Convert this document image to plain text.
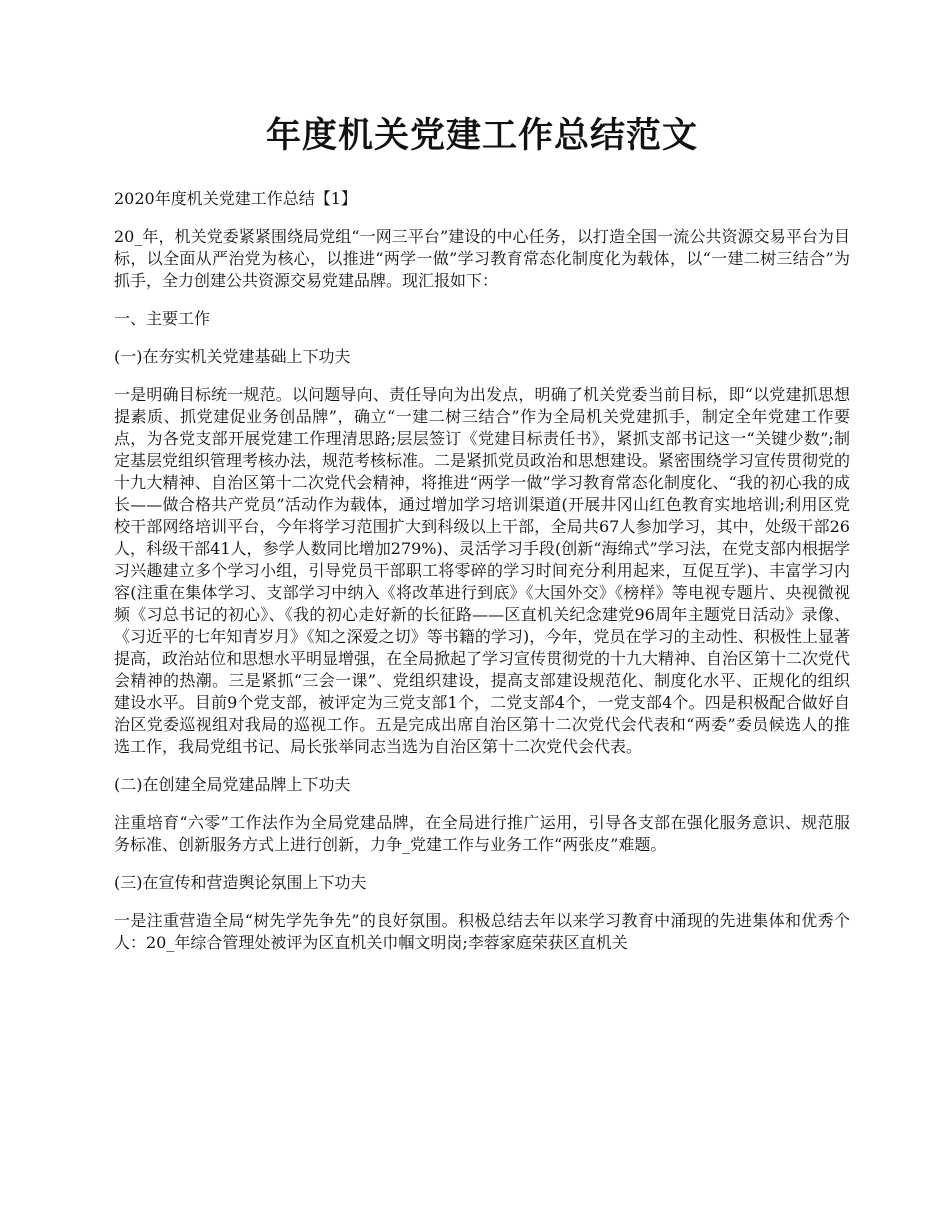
年度机关党建工作总结范文

2020年度机关党建工作总结【1】

20_年，机关党委紧紧围绕局党组“一网三平台”建设的中心任务，以打造全国一流公共资源交易平台为目标，以全面从严治党为核心，以推进“两学一做”学习教育常态化制度化为载体，以“一建二树三结合”为抓手，全力创建公共资源交易党建品牌。现汇报如下：

一、主要工作

(一)在夯实机关党建基础上下功夫

一是明确目标统一规范。以问题导向、责任导向为出发点，明确了机关党委当前目标，即“以党建抓思想提素质、抓党建促业务创品牌”，确立“一建二树三结合”作为全局机关党建抓手，制定全年党建工作要点，为各党支部开展党建工作理清思路;层层签订《党建目标责任书》，紧抓支部书记这一“关键少数”;制定基层党组织管理考核办法，规范考核标准。二是紧抓党员政治和思想建设。紧密围绕学习宣传贯彻党的十九大精神、自治区第十二次党代会精神，将推进“两学一做”学习教育常态化制度化、“我的初心我的成长——做合格共产党员”活动作为载体，通过增加学习培训渠道(开展井冈山红色教育实地培训;利用区党校干部网络培训平台，今年将学习范围扩大到科级以上干部，全局共67人参加学习，其中，处级干部26人，科级干部41人，参学人数同比增加279%)、灵活学习手段(创新“海绵式”学习法，在党支部内根据学习兴趣建立多个学习小组，引导党员干部职工将零碎的学习时间充分利用起来，互促互学)、丰富学习内容(注重在集体学习、支部学习中纳入《将改革进行到底》《大国外交》《榜样》等电视专题片、央视微视频《习总书记的初心》、《我的初心走好新的长征路——区直机关纪念建党96周年主题党日活动》录像、《习近平的七年知青岁月》《知之深爱之切》等书籍的学习)，今年，党员在学习的主动性、积极性上显著提高，政治站位和思想水平明显增强，在全局掀起了学习宣传贯彻党的十九大精神、自治区第十二次党代会精神的热潮。三是紧抓“三会一课”、党组织建设，提高支部建设规范化、制度化水平、正规化的组织建设水平。目前9个党支部，被评定为三党支部1个，二党支部4个，一党支部4个。四是积极配合做好自治区党委巡视组对我局的巡视工作。五是完成出席自治区第十二次党代会代表和“两委”委员候选人的推选工作，我局党组书记、局长张举同志当选为自治区第十二次党代会代表。

(二)在创建全局党建品牌上下功夫

注重培育“六零”工作法作为全局党建品牌，在全局进行推广运用，引导各支部在强化服务意识、规范服务标准、创新服务方式上进行创新，力争_党建工作与业务工作“两张皮”难题。

(三)在宣传和营造舆论氛围上下功夫

一是注重营造全局“树先学先争先”的良好氛围。积极总结去年以来学习教育中涌现的先进集体和优秀个人：20_年综合管理处被评为区直机关巾帼文明岗;李蓉家庭荣获区直机关
